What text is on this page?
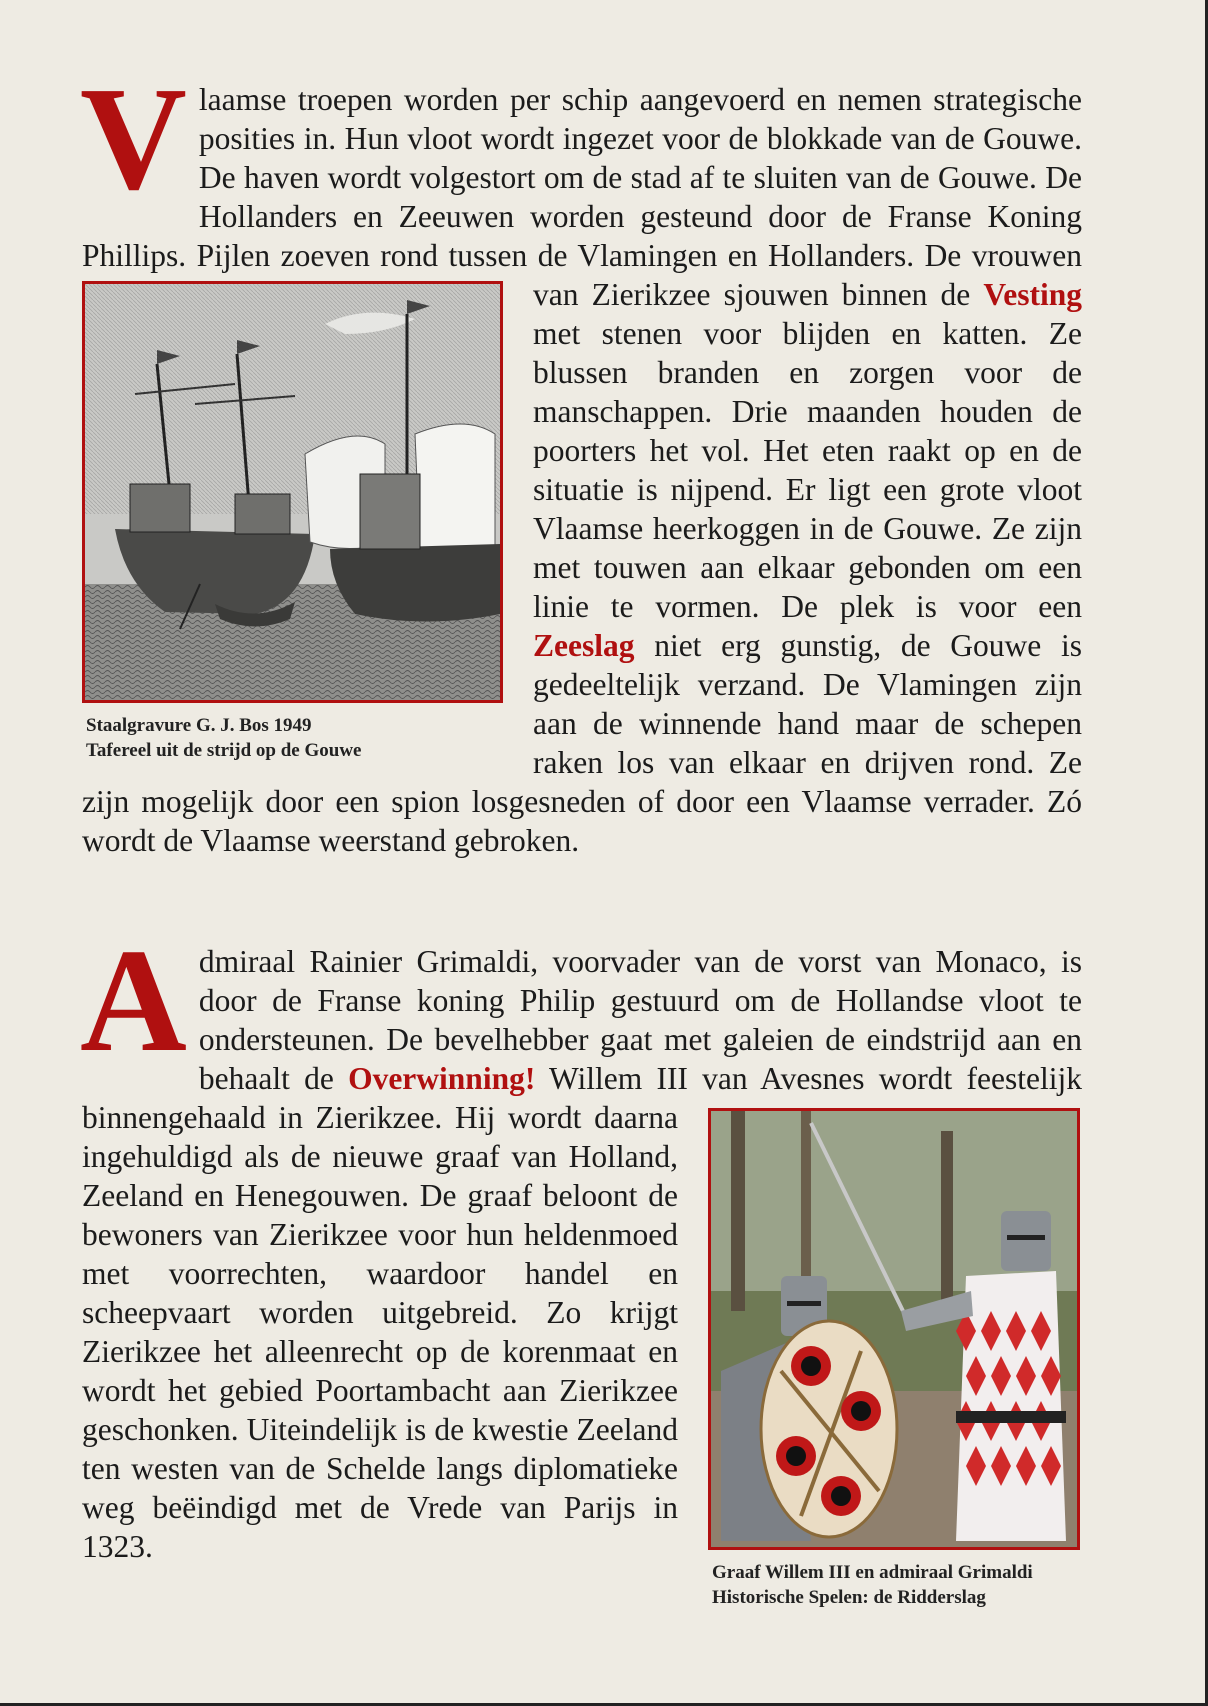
Vlaamse troepen worden per schip aangevoerd en nemen strategische posities in. Hun vloot wordt ingezet voor de blokkade van de Gouwe. De haven wordt volgestort om de stad af te sluiten van de Gouwe. De Hollanders en Zeeuwen worden gesteund door de Franse Koning Phillips. Pijlen zoeven rond tussen de Vlamin
Staalgravure G. J. Bos 1949
Tafereel uit de strijd op de Gouwe
gen en Hollanders. De vrouwen van Zierikzee sjouwen binnen de Vesting met stenen voor blijden en katten. Ze blussen branden en zorgen voor de manschappen. Drie maanden houden de poorters het vol. Het eten raakt op en de situatie is nijpend. Er ligt een grote vloot Vlaamse heerkoggen in de Gouwe. Ze zijn met touwen aan elkaar gebonden om een linie te vormen. De plek is voor een Zeeslag niet erg gunstig, de Gouwe is gedeeltelijk verzand. De Vlamingen zijn aan de winnende hand maar de schepen raken los van elkaar en drijven rond. Ze zijn mogelijk door een spion losgesneden of door een Vlaamse verrader. Zó wordt de Vlaamse weerstand gebroken.

Admiraal Rainier Grimaldi, voorvader van de vorst van Monaco, is door de Franse koning Philip gestuurd om de Hollandse vloot te ondersteunen. De bevelhebber gaat met galeien de eindstrijd aan en behaalt de Overwinning! Willem III van Avesnes
Graaf Willem III en admiraal Grimaldi
Historische Spelen: de Ridderslag
wordt feestelijk binnengehaald in Zierikzee. Hij wordt daarna ingehuldigd als de nieuwe graaf van Holland, Zeeland en Henegouwen. De graaf beloont de bewoners van Zierikzee voor hun heldenmoed met voorrechten, waardoor handel en scheepvaart worden uitgebreid. Zo krijgt Zierikzee het alleenrecht op de korenmaat en wordt het gebied Poortambacht aan Zierikzee geschonken. Uiteindelijk is de kwestie Zeeland ten westen van de Schelde langs diplomatieke weg beëindigd met de Vrede van Parijs in 1323.
